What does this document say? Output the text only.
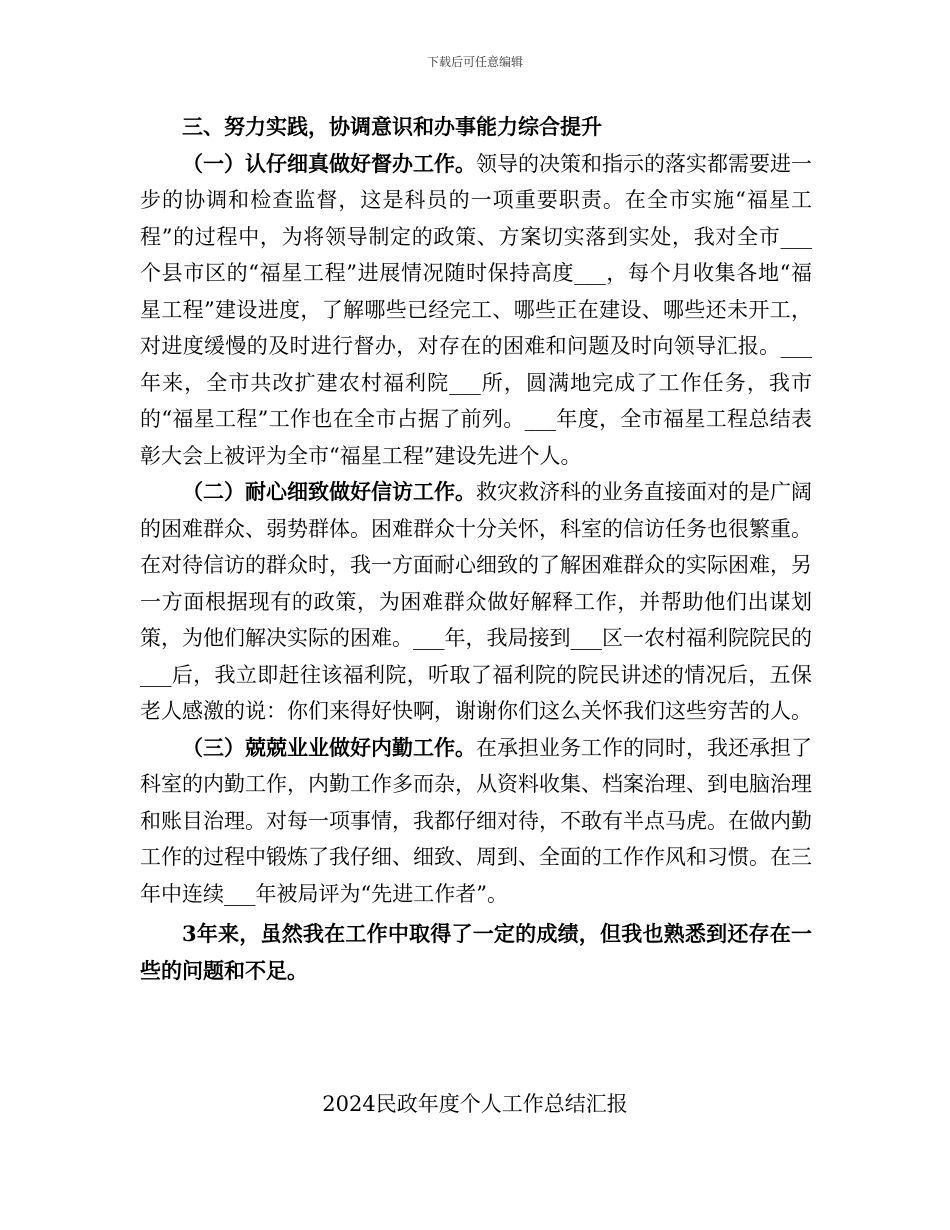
下载后可任意编辑

三、努力实践，协调意识和办事能力综合提升

（一）认仔细真做好督办工作。领导的决策和指示的落实都需要进一步的协调和检查监督，这是科员的一项重要职责。在全市实施“福星工程”的过程中，为将领导制定的政策、方案切实落到实处，我对全市___个县市区的“福星工程”进展情况随时保持高度___，每个月收集各地“福星工程”建设进度，了解哪些已经完工、哪些正在建设、哪些还未开工，对进度缓慢的及时进行督办，对存在的困难和问题及时向领导汇报。___年来，全市共改扩建农村福利院___所，圆满地完成了工作任务，我市的“福星工程”工作也在全市占据了前列。___年度，全市福星工程总结表彰大会上被评为全市“福星工程”建设先进个人。

（二）耐心细致做好信访工作。救灾救济科的业务直接面对的是广阔的困难群众、弱势群体。困难群众十分关怀，科室的信访任务也很繁重。在对待信访的群众时，我一方面耐心细致的了解困难群众的实际困难，另一方面根据现有的政策，为困难群众做好解释工作，并帮助他们出谋划策，为他们解决实际的困难。___年，我局接到___区一农村福利院院民的___后，我立即赶往该福利院，听取了福利院的院民讲述的情况后，五保老人感激的说：你们来得好快啊，谢谢你们这么关怀我们这些穷苦的人。

（三）兢兢业业做好内勤工作。在承担业务工作的同时，我还承担了科室的内勤工作，内勤工作多而杂，从资料收集、档案治理、到电脑治理和账目治理。对每一项事情，我都仔细对待，不敢有半点马虎。在做内勤工作的过程中锻炼了我仔细、细致、周到、全面的工作作风和习惯。在三年中连续___年被局评为“先进工作者”。

3年来，虽然我在工作中取得了一定的成绩，但我也熟悉到还存在一些的问题和不足。

2024民政年度个人工作总结汇报
